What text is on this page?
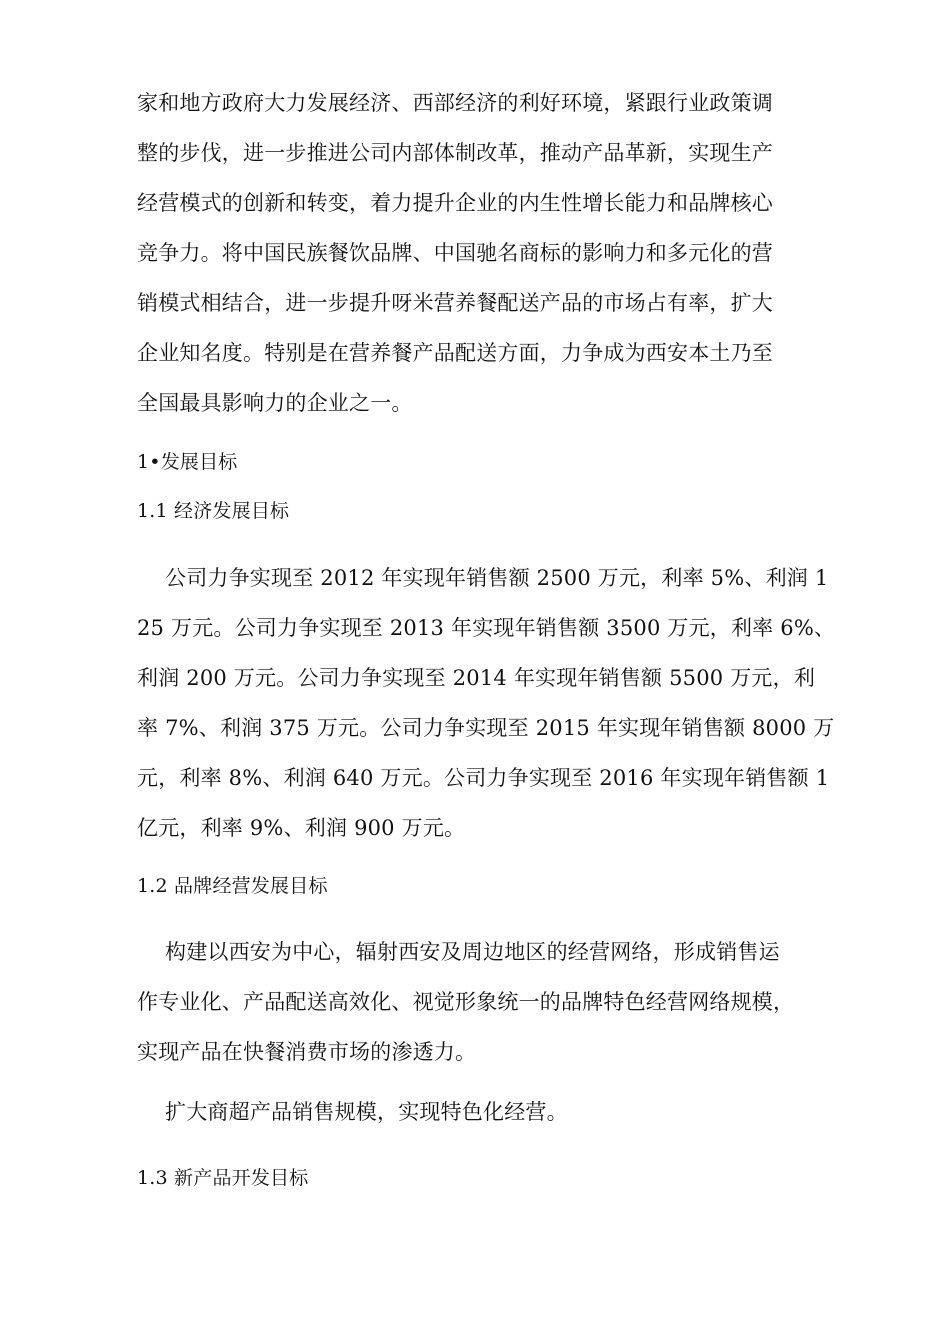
家和地方政府大力发展经济、西部经济的利好环境，紧跟行业政策调
整的步伐，进一步推进公司内部体制改革，推动产品革新，实现生产
经营模式的创新和转变，着力提升企业的内生性增长能力和品牌核心
竞争力。将中国民族餐饮品牌、中国驰名商标的影响力和多元化的营
销模式相结合，进一步提升呀米营养餐配送产品的市场占有率，扩大
企业知名度。特别是在营养餐产品配送方面，力争成为西安本土乃至
全国最具影响力的企业之一。
1•发展目标
1.1 经济发展目标
公司力争实现至 2012 年实现年销售额 2500 万元，利率 5%、利润 1
25 万元。公司力争实现至 2013 年实现年销售额 3500 万元，利率 6%、
利润 200 万元。公司力争实现至 2014 年实现年销售额 5500 万元，利
率 7%、利润 375 万元。公司力争实现至 2015 年实现年销售额 8000 万
元，利率 8%、利润 640 万元。公司力争实现至 2016 年实现年销售额 1
亿元，利率 9%、利润 900 万元。
1.2 品牌经营发展目标
构建以西安为中心，辐射西安及周边地区的经营网络，形成销售运
作专业化、产品配送高效化、视觉形象统一的品牌特色经营网络规模，
实现产品在快餐消费市场的渗透力。
扩大商超产品销售规模，实现特色化经营。
1.3 新产品开发目标
